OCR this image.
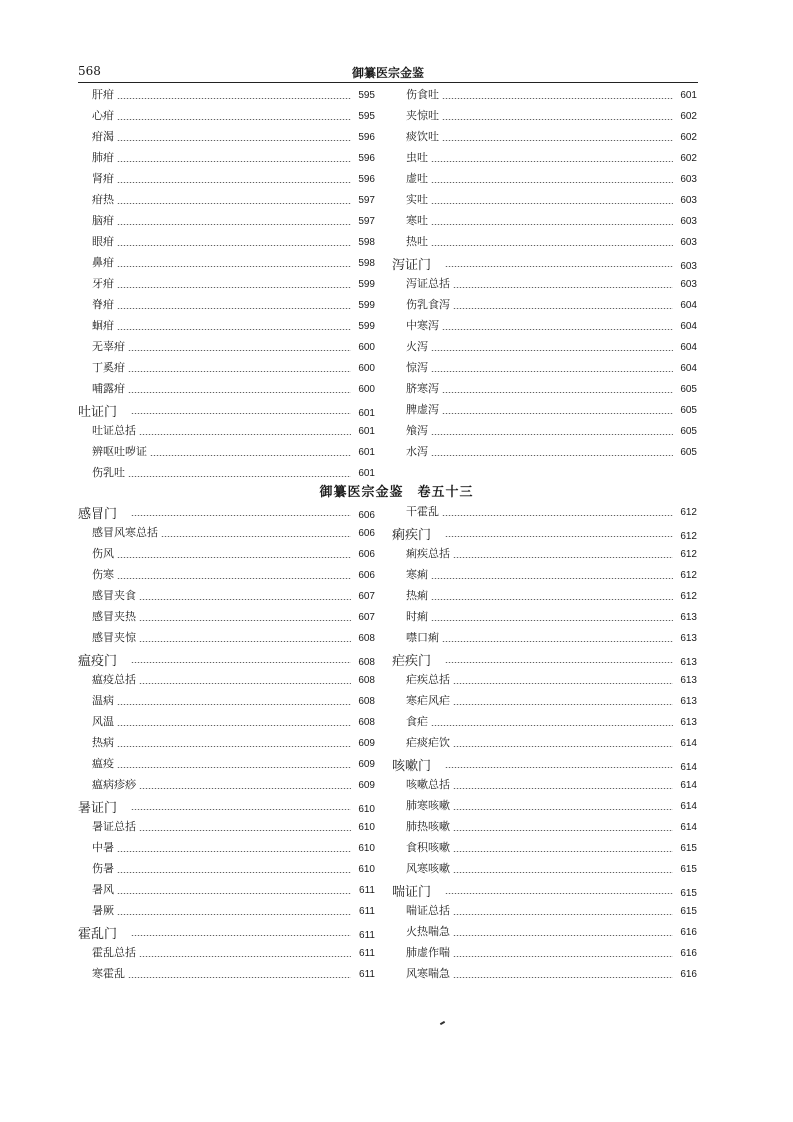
568	御纂医宗金鉴
肝疳	595
心疳	595
疳渴	596
肺疳	596
肾疳	596
疳热	597
脑疳	597
眼疳	598
鼻疳	598
牙疳	599
脊疳	599
蛔疳	599
无辜疳	600
丁奚疳	600
哺露疳	600
吐证门	601
吐证总括	601
辨呕吐哕证	601
伤乳吐	601
伤食吐	601
夹惊吐	602
痰饮吐	602
虫吐	602
虚吐	603
实吐	603
寒吐	603
热吐	603
泻证门	603
泻证总括	603
伤乳食泻	604
中寒泻	604
火泻	604
惊泻	604
脐寒泻	605
脾虚泻	605
飧泻	605
水泻	605
御纂医宗金鉴　卷五十三
感冒门	606
感冒风寒总括	606
伤风	606
伤寒	606
感冒夹食	607
感冒夹热	607
感冒夹惊	608
瘟疫门	608
瘟疫总括	608
温病	608
风温	608
热病	609
瘟疫	609
瘟病疹痧	609
暑证门	610
暑证总括	610
中暑	610
伤暑	610
暑风	611
暑厥	611
霍乱门	611
霍乱总括	611
寒霍乱	611
干霍乱	612
痢疾门	612
痢疾总括	612
寒痢	612
热痢	612
时痢	613
噤口痢	613
疟疾门	613
疟疾总括	613
寒疟风疟	613
食疟	613
疟痰疟饮	614
咳嗽门	614
咳嗽总括	614
肺寒咳嗽	614
肺热咳嗽	614
食积咳嗽	615
风寒咳嗽	615
喘证门	615
喘证总括	615
火热喘急	616
肺虚作喘	616
风寒喘急	616
